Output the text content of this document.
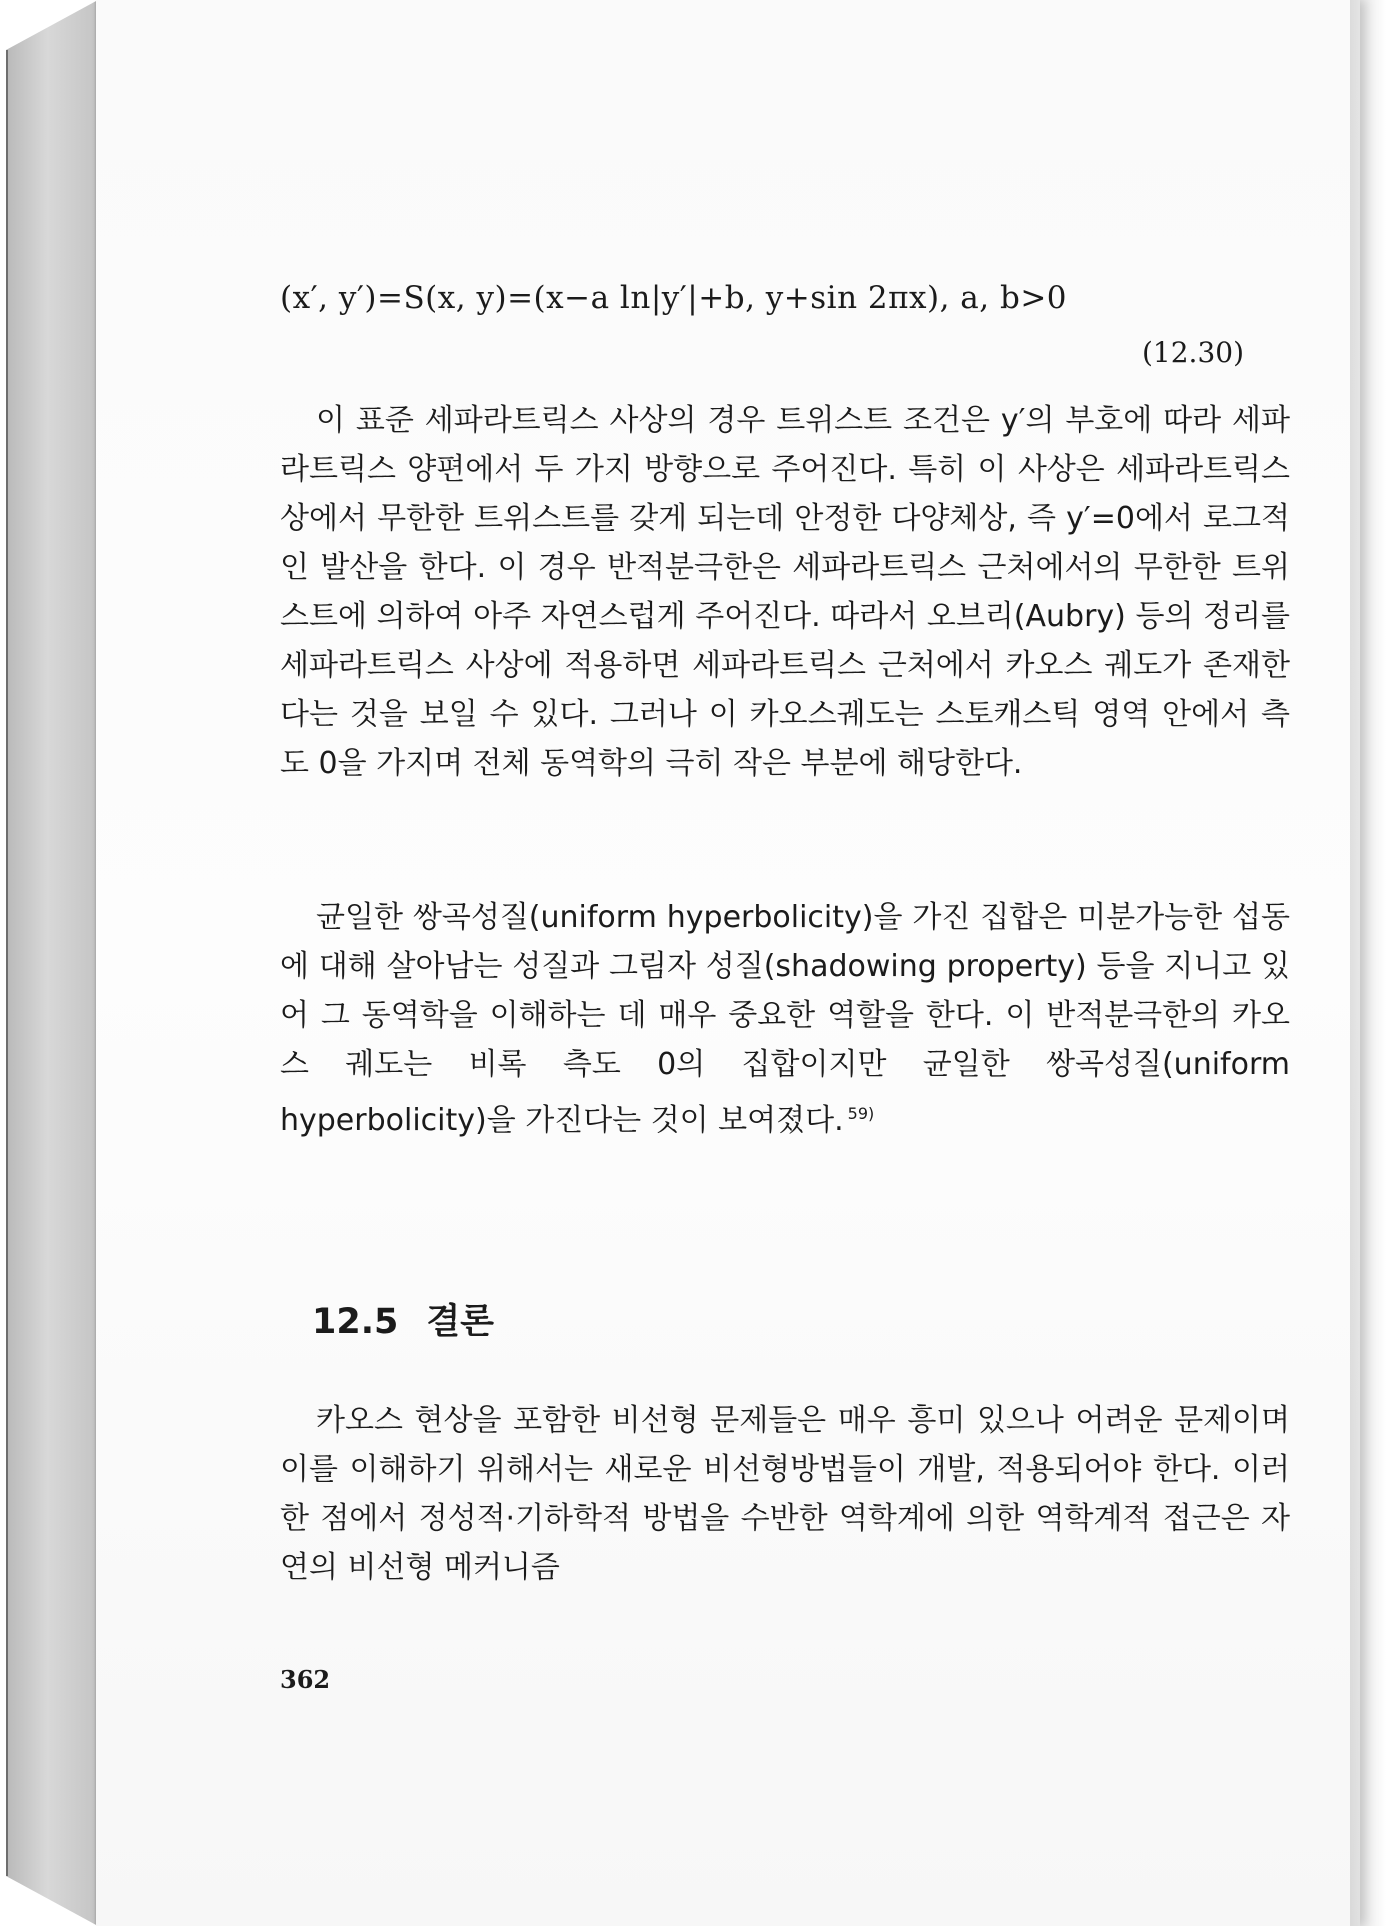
(x′, y′)=S(x, y)=(x−a ln|y′|+b, y+sin 2πx), a, b>0
(12.30)

이 표준 세파라트릭스 사상의 경우 트위스트 조건은 y′의 부호에 따라 세파라트릭스 양편에서 두 가지 방향으로 주어진다. 특히 이 사상은 세파라트릭스상에서 무한한 트위스트를 갖게 되는데 안정한 다양체상, 즉 y′=0에서 로그적인 발산을 한다. 이 경우 반적분극한은 세파라트릭스 근처에서의 무한한 트위스트에 의하여 아주 자연스럽게 주어진다. 따라서 오브리(Aubry) 등의 정리를 세파라트릭스 사상에 적용하면 세파라트릭스 근처에서 카오스 궤도가 존재한다는 것을 보일 수 있다. 그러나 이 카오스궤도는 스토캐스틱 영역 안에서 측도 0을 가지며 전체 동역학의 극히 작은 부분에 해당한다.

균일한 쌍곡성질(uniform hyperbolicity)을 가진 집합은 미분가능한 섭동에 대해 살아남는 성질과 그림자 성질(shadowing property) 등을 지니고 있어 그 동역학을 이해하는 데 매우 중요한 역할을 한다. 이 반적분극한의 카오스 궤도는 비록 측도 0의 집합이지만 균일한 쌍곡성질(uniform hyperbolicity)을 가진다는 것이 보여졌다. $^{59)}$

12.5 결론

카오스 현상을 포함한 비선형 문제들은 매우 흥미 있으나 어려운 문제이며 이를 이해하기 위해서는 새로운 비선형방법들이 개발, 적용되어야 한다. 이러한 점에서 정성적·기하학적 방법을 수반한 역학계에 의한 역학계적 접근은 자연의 비선형 메커니즘

362
